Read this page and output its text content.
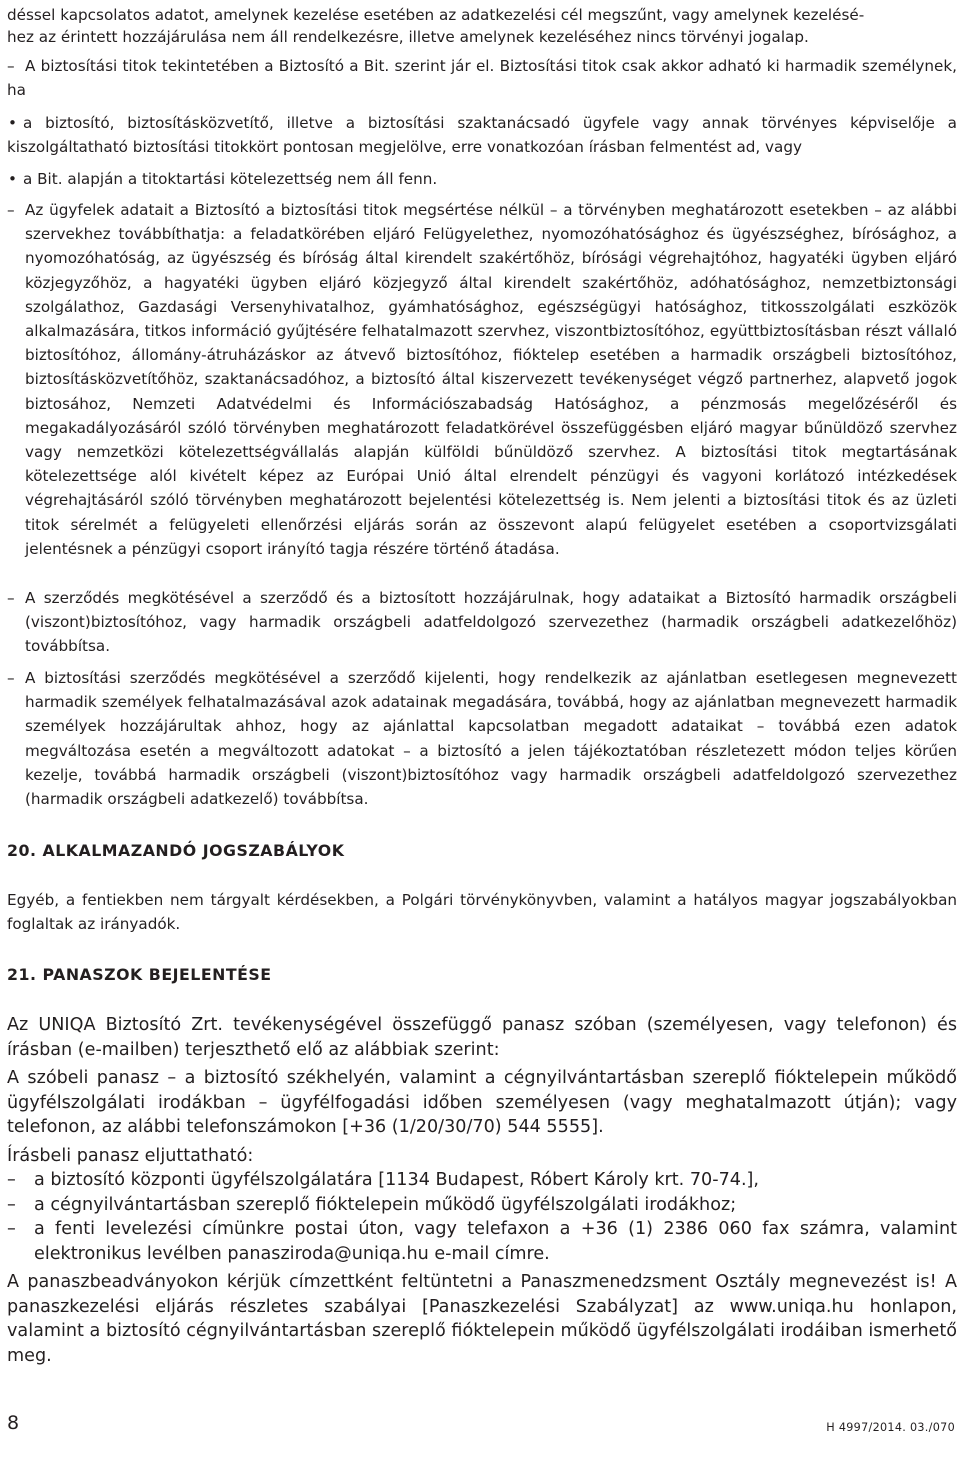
déssel kapcsolatos adatot, amelynek kezelése esetében az adatkezelési cél megszűnt, vagy amelynek kezelésé-

hez az érintett hozzájárulása nem áll rendelkezésre, illetve amelynek kezeléséhez nincs törvényi jogalap.

– A biztosítási titok tekintetében a Biztosító a Bit. szerint jár el. Biztosítási titok csak akkor adható ki harmadik személynek, ha
• a biztosító, biztosításközvetítő, illetve a biztosítási szaktanácsadó ügyfele vagy annak törvényes képviselője a kiszolgáltatható biztosítási titokkört pontosan megjelölve, erre vonatkozóan írásban felmentést ad, vagy
• a Bit. alapján a titoktartási kötelezettség nem áll fenn.
– Az ügyfelek adatait a Biztosító a biztosítási titok megsértése nélkül – a törvényben meghatározott esetekben – az alábbi szervekhez továbbíthatja: a feladatkörében eljáró Felügyelethez, nyomozóhatósághoz és ügyészséghez, bírósághoz, a nyomozóhatóság, az ügyészség és bíróság által kirendelt szakértőhöz, bírósági végrehajtóhoz, hagyatéki ügyben eljáró közjegyzőhöz, a hagyatéki ügyben eljáró közjegyző által kirendelt szakértőhöz, adóhatósághoz, nemzetbiztonsági szolgálathoz, Gazdasági Versenyhivatalhoz, gyámhatósághoz, egészségügyi hatósághoz, titkosszolgálati eszközök alkalmazására, titkos információ gyűjtésére felhatalmazott szervhez, viszontbiztosítóhoz, együttbiztosításban részt vállaló biztosítóhoz, állomány-átruházáskor az átvevő biztosítóhoz, fióktelep esetében a harmadik országbeli biztosítóhoz, biztosításközvetítőhöz, szaktanácsadóhoz, a biztosító által kiszervezett tevékenységet végző partnerhez, alapvető jogok biztosához, Nemzeti Adatvédelmi és Információszabadság Hatósághoz, a pénzmosás megelőzéséről és megakadályozásáról szóló törvényben meghatározott feladatkörével összefüggésben eljáró magyar bűnüldöző szervhez vagy nemzetközi kötelezettségvállalás alapján külföldi bűnüldöző szervhez. A biztosítási titok megtartásának kötelezettsége alól kivételt képez az Európai Unió által elrendelt pénzügyi és vagyoni korlátozó intézkedések végrehajtásáról szóló törvényben meghatározott bejelentési kötelezettség is. Nem jelenti a biztosítási titok és az üzleti titok sérelmét a felügyeleti ellenőrzési eljárás során az összevont alapú felügyelet esetében a csoportvizsgálati jelentésnek a pénzügyi csoport irányító tagja részére történő átadása.
– A szerződés megkötésével a szerződő és a biztosított hozzájárulnak, hogy adataikat a Biztosító harmadik országbeli (viszont)biztosítóhoz, vagy harmadik országbeli adatfeldolgozó szervezethez (harmadik országbeli adatkezelőhöz) továbbítsa.
– A biztosítási szerződés megkötésével a szerződő kijelenti, hogy rendelkezik az ajánlatban esetlegesen megnevezett harmadik személyek felhatalmazásával azok adatainak megadására, továbbá, hogy az ajánlatban megnevezett harmadik személyek hozzájárultak ahhoz, hogy az ajánlattal kapcsolatban megadott adataikat – továbbá ezen adatok megváltozása esetén a megváltozott adatokat – a biztosító a jelen tájékoztatóban részletezett módon teljes körűen kezelje, továbbá harmadik országbeli (viszont)biztosítóhoz vagy harmadik országbeli adatfeldolgozó szervezethez (harmadik országbeli adatkezelő) továbbítsa.
20. ALKALMAZANDÓ JOGSZABÁLYOK

Egyéb, a fentiekben nem tárgyalt kérdésekben, a Polgári törvénykönyvben, valamint a hatályos magyar jogszabályokban foglaltak az irányadók.

21. PANASZOK BEJELENTÉSE

Az UNIQA Biztosító Zrt. tevékenységével összefüggő panasz szóban (személyesen, vagy telefonon) és írásban (e-mailben) terjeszthető elő az alábbiak szerint:

A szóbeli panasz – a biztosító székhelyén, valamint a cégnyilvántartásban szereplő fióktelepein működő ügyfélszolgálati irodákban – ügyfélfogadási időben személyesen (vagy meghatalmazott útján); vagy telefonon, az alábbi telefonszámokon [+36 (1/20/30/70) 544 5555].

Írásbeli panasz eljuttatható:

– a biztosító központi ügyfélszolgálatára [1134 Budapest, Róbert Károly krt. 70-74.],
– a cégnyilvántartásban szereplő fióktelepein működő ügyfélszolgálati irodákhoz;
– a fenti levelezési címünkre postai úton, vagy telefaxon a +36 (1) 2386 060 fax számra, valamint elektronikus levélben panasziroda@uniqa.hu e-mail címre.

A panaszbeadványokon kérjük címzettként feltüntetni a Panaszmenedzsment Osztály megnevezést is! A panaszkezelési eljárás részletes szabályai [Panaszkezelési Szabályzat] az www.uniqa.hu honlapon, valamint a biztosító cégnyilvántartásban szereplő fióktelepein működő ügyfélszolgálati irodáiban ismerhető meg.

8	H 4997/2014. 03./070
